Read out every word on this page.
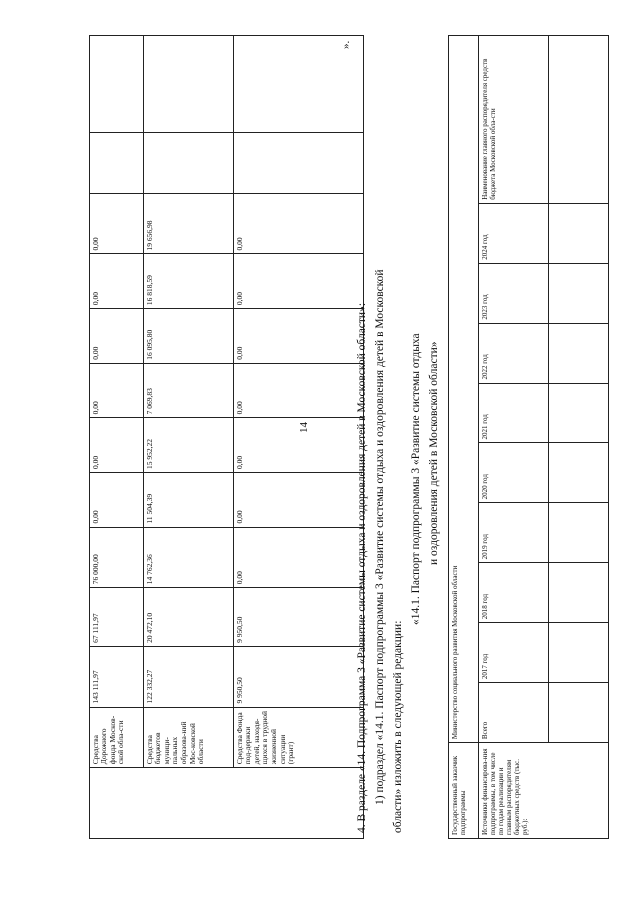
14

	Средства Дорожного фонда Москов-ской обла-сти	143 111,97	67 111,97	76 000,00	0,00	0,00	0,00	0,00	0,00	0,00		
	Средства бюджетов муници-пальных образова-ний Мос-ковской области	122 332,27	20 472,10	14 762,36	11 504,39	15 952,22	7 069,83	16 095,80	16 818,59	19 656,98		
	Средства Фонда под-держки детей, находя-щихся в трудной жизненной ситуации (грант)	9 950,50	9 950,50	0,00	0,00	0,00	0,00	0,00	0,00	0,00		
».
4. В разделе «14. Подпрограмма 3 «Развитие системы отдыха и оздоровления детей в Московской области»: 1) подраздел «14.1. Паспорт подпрограммы 3 «Развитие системы отдыха и оздоровления детей в Московской области» изложить в следующей редакции:
«14.1. Паспорт подпрограммы 3 «Развитие системы отдыха и оздоровления детей в Московской области»
Государственный заказчик подпрограммы	Министерство социального развития Московской области									
Источники финансирова-ния подпрограммы, в том числе по годам реализации и главным распорядителям бюджетных средств (тыс. руб.):	Всего	2017 год	2018 год	2019 год	2020 год	2021 год	2022 год	2023 год	2024 год	Наименование главного распорядителя средств бюджета Московской обла-сти
